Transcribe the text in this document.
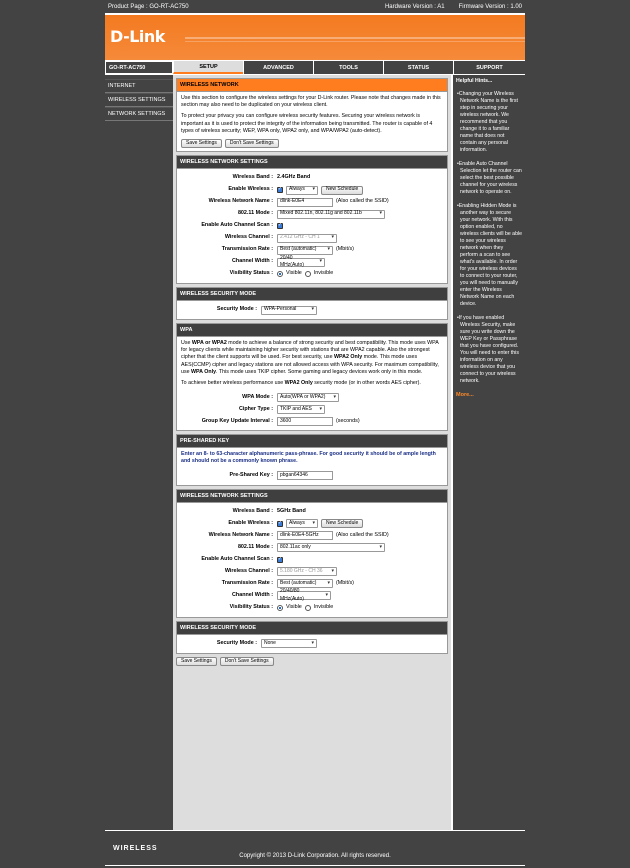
Product Page : GO-RT-AC750	Hardware Version : A1 Firmware Version : 1.00
D-Link
GO-RT-AC750	SETUP	ADVANCED	TOOLS	STATUS	SUPPORT
INTERNET
WIRELESS SETTINGS
NETWORK SETTINGS
WIRELESS NETWORK

Use this section to configure the wireless settings for your D-Link router. Please note that changes made in this section may also need to be duplicated on your wireless client.

To protect your privacy you can configure wireless security features. Securing your wireless network is important as it is used to protect the integrity of the information being transmitted. The router is capable of 4 types of wireless security; WEP, WPA only, WPA2 only, and WPA/WPA2 (auto-detect).

Save Settings	Don't Save Settings
WIRELESS NETWORK SETTINGS
Wireless Band : 2.4GHz Band
Enable Wireless : ✓	Always ▾	New Schedule
Wireless Network Name :	dlink-E0E4	(Also called the SSID)
802.11 Mode :	Mixed 802.11n, 802.11g and 802.11b ▾
Enable Auto Channel Scan : ✓
Wireless Channel :	2.412 GHz - CH 1 ▾
Transmission Rate :	Best (automatic) ▾	(Mbit/s)
Channel Width :
20/40 MHz(Auto) ▾
Visibility Status :	Visible Invisible
WIRELESS SECURITY MODE
Security Mode :	WPA-Personal ▾
WPA

Use WPA or WPA2 mode to achieve a balance of strong security and best compatibility. This mode uses WPA for legacy clients while maintaining higher security with stations that are WPA2 capable. Also the strongest cipher that the client supports will be used. For best security, use WPA2 Only mode. This mode uses AES(CCMP) cipher and legacy stations are not allowed access with WPA security. For maximum compatibility, use WPA Only. This mode uses TKIP cipher. Some gaming and legacy devices work only in this mode.

To achieve better wireless performance use WPA2 Only security mode (or in other words AES cipher).

WPA Mode :	Auto(WPA or WPA2) ▾
Cipher Type :	TKIP and AES ▾
Group Key Update Interval :	3600	(seconds)
PRE-SHARED KEY

Enter an 8- to 63-character alphanumeric pass-phrase. For good security it should be of ample length and should not be a commonly known phrase.

Pre-Shared Key :	pbgan64346
WIRELESS NETWORK SETTINGS
Wireless Band : 5GHz Band
Enable Wireless : ✓	Always ▾	New Schedule
Wireless Network Name :	dlink-E0E4-5GHz	(Also called the SSID)
802.11 Mode :	802.11ac only ▾
Enable Auto Channel Scan : ✓
Wireless Channel :	5.180 GHz - CH 36 ▾
Transmission Rate :	Best (automatic) ▾	(Mbit/s)
Channel Width :
20/40/80 MHz(Auto) ▾
Visibility Status :	Visible Invisible
WIRELESS SECURITY MODE
Security Mode :	None ▾
Save Settings	Don't Save Settings
Helpful Hints...
• Changing your Wireless Network Name is the first step in securing your wireless network. We recommend that you change it to a familiar name that does not contain any personal information.
• Enable Auto Channel Selection let the router can select the best possible channel for your wireless network to operate on.
• Enabling Hidden Mode is another way to secure your network. With this option enabled, no wireless clients will be able to see your wireless network when they perform a scan to see what's available. In order for your wireless devices to connect to your router, you will need to manually enter the Wireless Network Name on each device.
• If you have enabled Wireless Security, make sure you write down the WEP Key or Passphrase that you have configured. You will need to enter this information on any wireless device that you connect to your wireless network.
More...
WIRELESS
Copyright © 2013 D-Link Corporation. All rights reserved.
